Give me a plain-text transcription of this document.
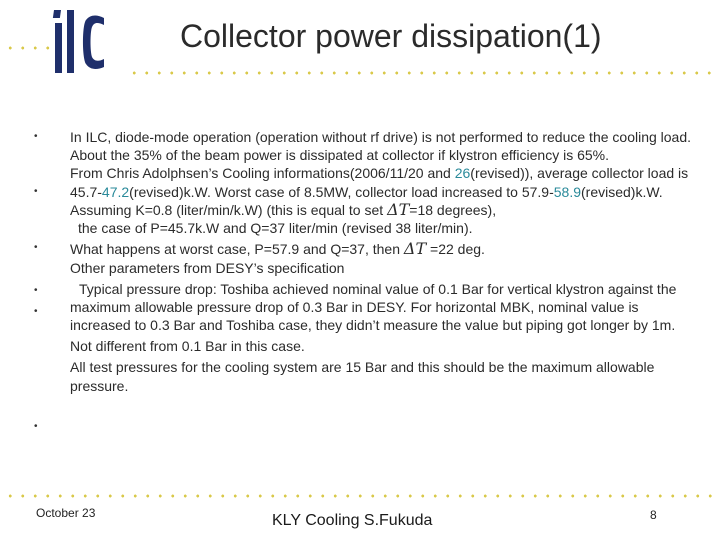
Collector power dissipation(1)
•
•
•
•
•
•

In ILC, diode-mode operation (operation without rf drive) is not performed to reduce the cooling load. About the 35% of the beam power is dissipated at collector if klystron efficiency is 65%.

From Chris Adolphsen’s Cooling informations(2006/11/20 and 26(revised)), average collector load is 45.7-47.2(revised)k.W. Worst case of 8.5MW, collector load increased to 57.9-58.9(revised)k.W.

Assuming K=0.8 (liter/min/k.W) (this is equal to set ΔT=18 degrees),

the case of P=45.7k.W and Q=37 liter/min (revised 38 liter/min).

What happens at worst case, P=57.9 and Q=37, then ΔT =22 deg.

Other parameters from DESY’s specification

Typical pressure drop: Toshiba achieved nominal value of 0.1 Bar for vertical klystron against the maximum allowable pressure drop of 0.3 Bar in DESY. For horizontal MBK, nominal value is increased to 0.3 Bar and Toshiba case, they didn’t measure the value but piping got longer by 1m.

Not different from 0.1 Bar in this case.

All test pressures for the cooling system are 15 Bar and this should be the maximum allowable pressure.

October 23	KLY Cooling S.Fukuda	8
